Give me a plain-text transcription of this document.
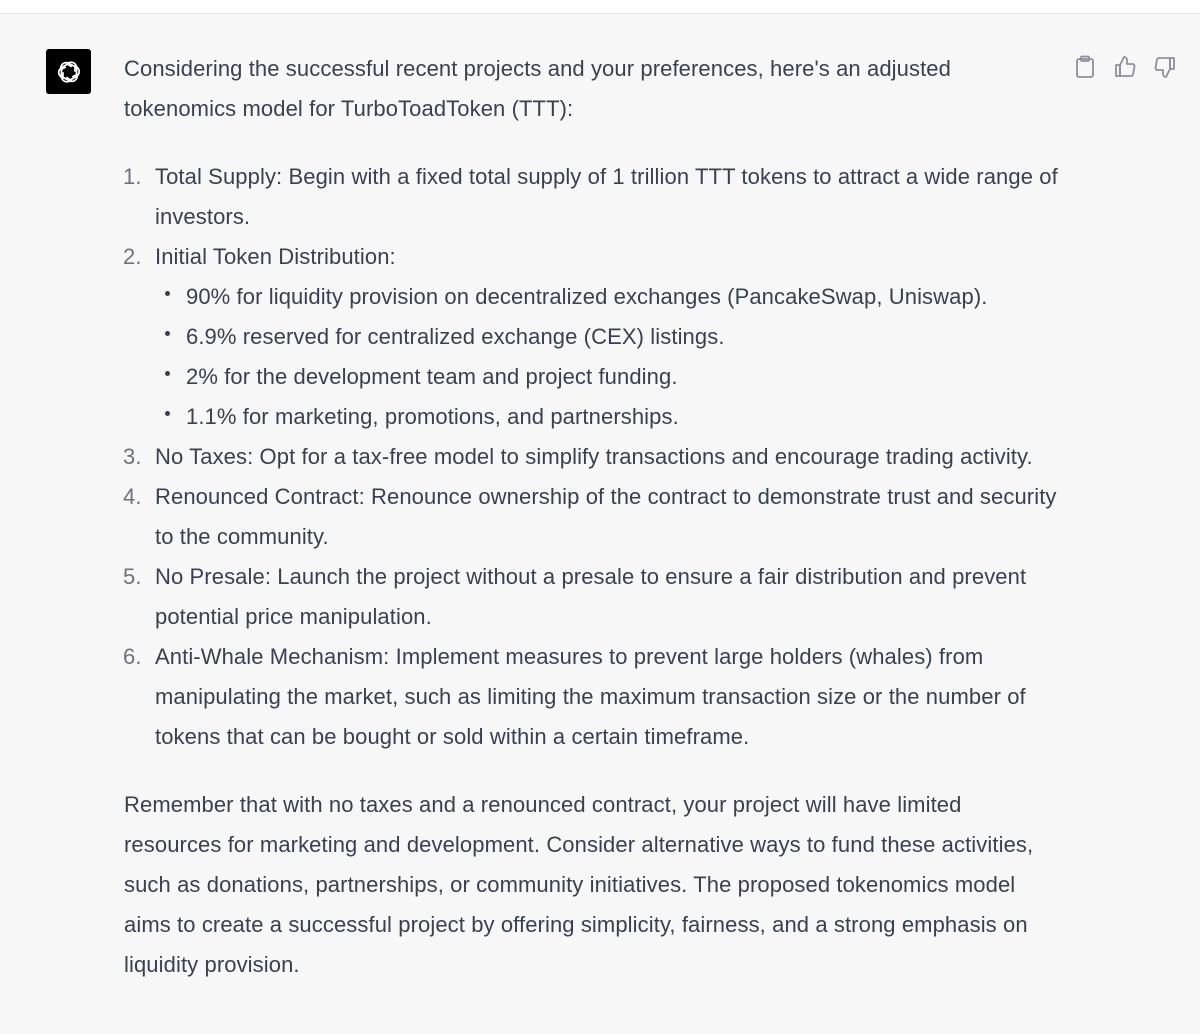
Considering the successful recent projects and your preferences, here's an adjusted tokenomics model for TurboToadToken (TTT):

1. Total Supply: Begin with a fixed total supply of 1 trillion TTT tokens to attract a wide range of investors.
2. Initial Token Distribution:
90% for liquidity provision on decentralized exchanges (PancakeSwap, Uniswap).
6.9% reserved for centralized exchange (CEX) listings.
2% for the development team and project funding.
1.1% for marketing, promotions, and partnerships.
3. No Taxes: Opt for a tax-free model to simplify transactions and encourage trading activity.
4. Renounced Contract: Renounce ownership of the contract to demonstrate trust and security to the community.
5. No Presale: Launch the project without a presale to ensure a fair distribution and prevent potential price manipulation.
6. Anti-Whale Mechanism: Implement measures to prevent large holders (whales) from manipulating the market, such as limiting the maximum transaction size or the number of tokens that can be bought or sold within a certain timeframe.

Remember that with no taxes and a renounced contract, your project will have limited resources for marketing and development. Consider alternative ways to fund these activities, such as donations, partnerships, or community initiatives. The proposed tokenomics model aims to create a successful project by offering simplicity, fairness, and a strong emphasis on liquidity provision.
